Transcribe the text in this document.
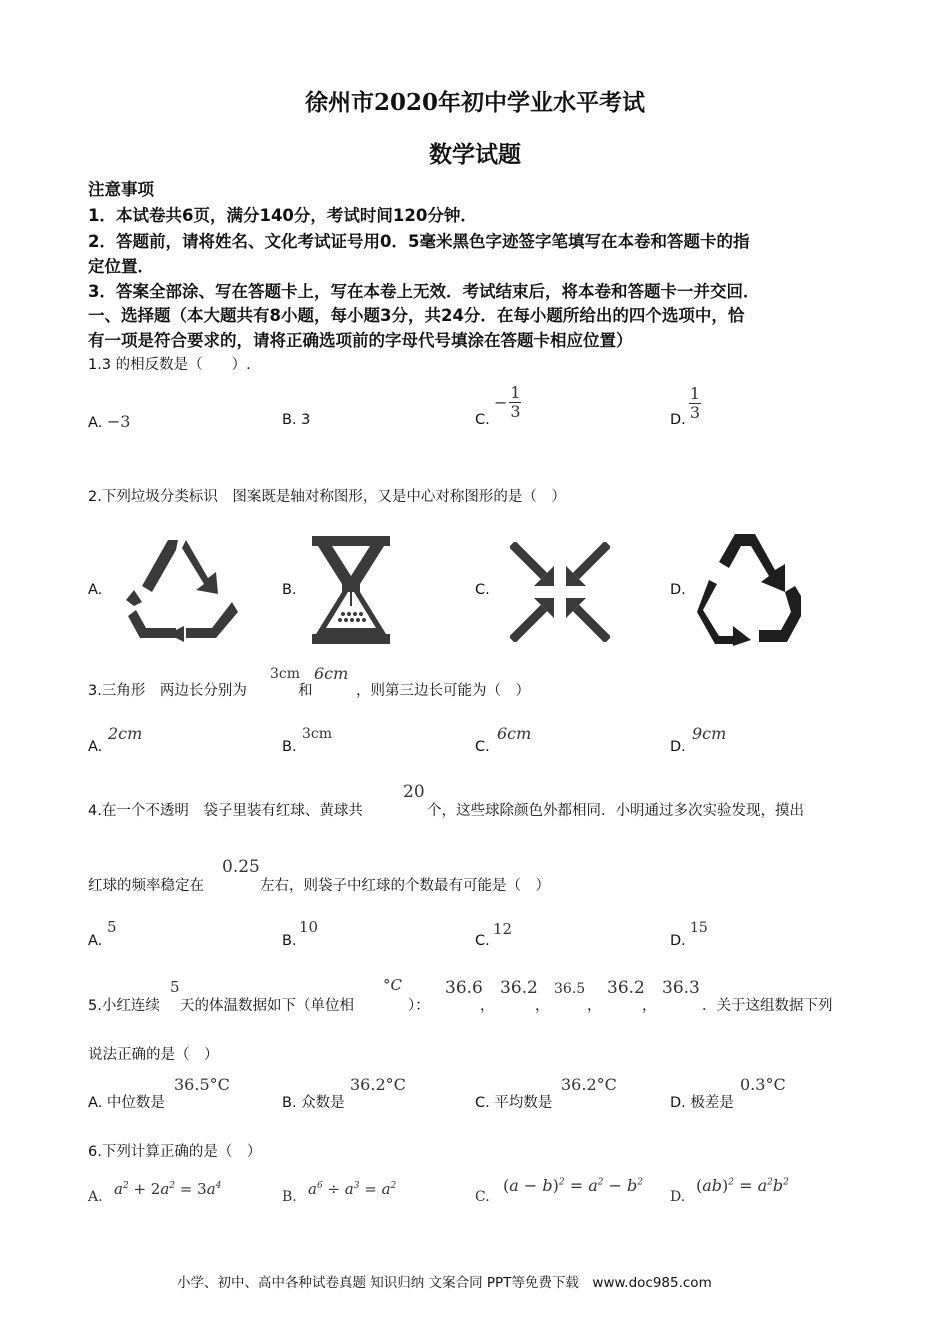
徐州市2020年初中学业水平考试
数学试题
注意事项
1．本试卷共6页，满分140分，考试时间120分钟．
2．答题前，请将姓名、文化考试证号用0．5毫米黑色字迹签字笔填写在本卷和答题卡的指
定位置．
3．答案全部涂、写在答题卡上，写在本卷上无效．考试结束后，将本卷和答题卡一并交回．
一、选择题（本大题共有8小题，每小题3分，共24分．在每小题所给出的四个选项中，恰
有一项是符合要求的，请将正确选项前的字母代号填涂在答题卡相应位置）
1.3 的相反数是（　　）.
A. −3	B. 3	C.
− $\frac{1}{3}$	D. $\frac{1}{3}$
2.下列垃圾分类标识　图案既是轴对称图形，又是中心对称图形的是（　）
A.	B.	C.	D.
3.三角形　两边长分别为
3cm
和
6cm
，则第三边长可能为（　）
A.
2cm
B.
3cm
C.
6cm
D.
9cm
4.在一个不透明　袋子里装有红球、黄球共
20
个，这些球除颜色外都相同．小明通过多次实验发现，摸出
红球的频率稳定在
0.25
左右，则袋子中红球的个数最有可能是（　）
A.
5
B.
10
C.
12
D.
15
5.小红连续
5
天的体温数据如下（单位相
°C
）：
36.6
，
36.2
，
36.5
，
36.2
，
36.3
．关于这组数据下列
说法正确的是（　）
A. 中位数是
36.5°C
B. 众数是
36.2°C
C. 平均数是
36.2°C
D. 极差是
0.3°C
6.下列计算正确的是（　）
A. $a^2 + 2a^2 = 3a^4$
B. $a^6 \div a^3 = a^2$
C.
$(a - b)^2 = a^2 - b^2$
D.
$(ab)^2 = a^2b^2$
小学、初中、高中各种试卷真题 知识归纳 文案合同 PPT等免费下载　www.doc985.com
